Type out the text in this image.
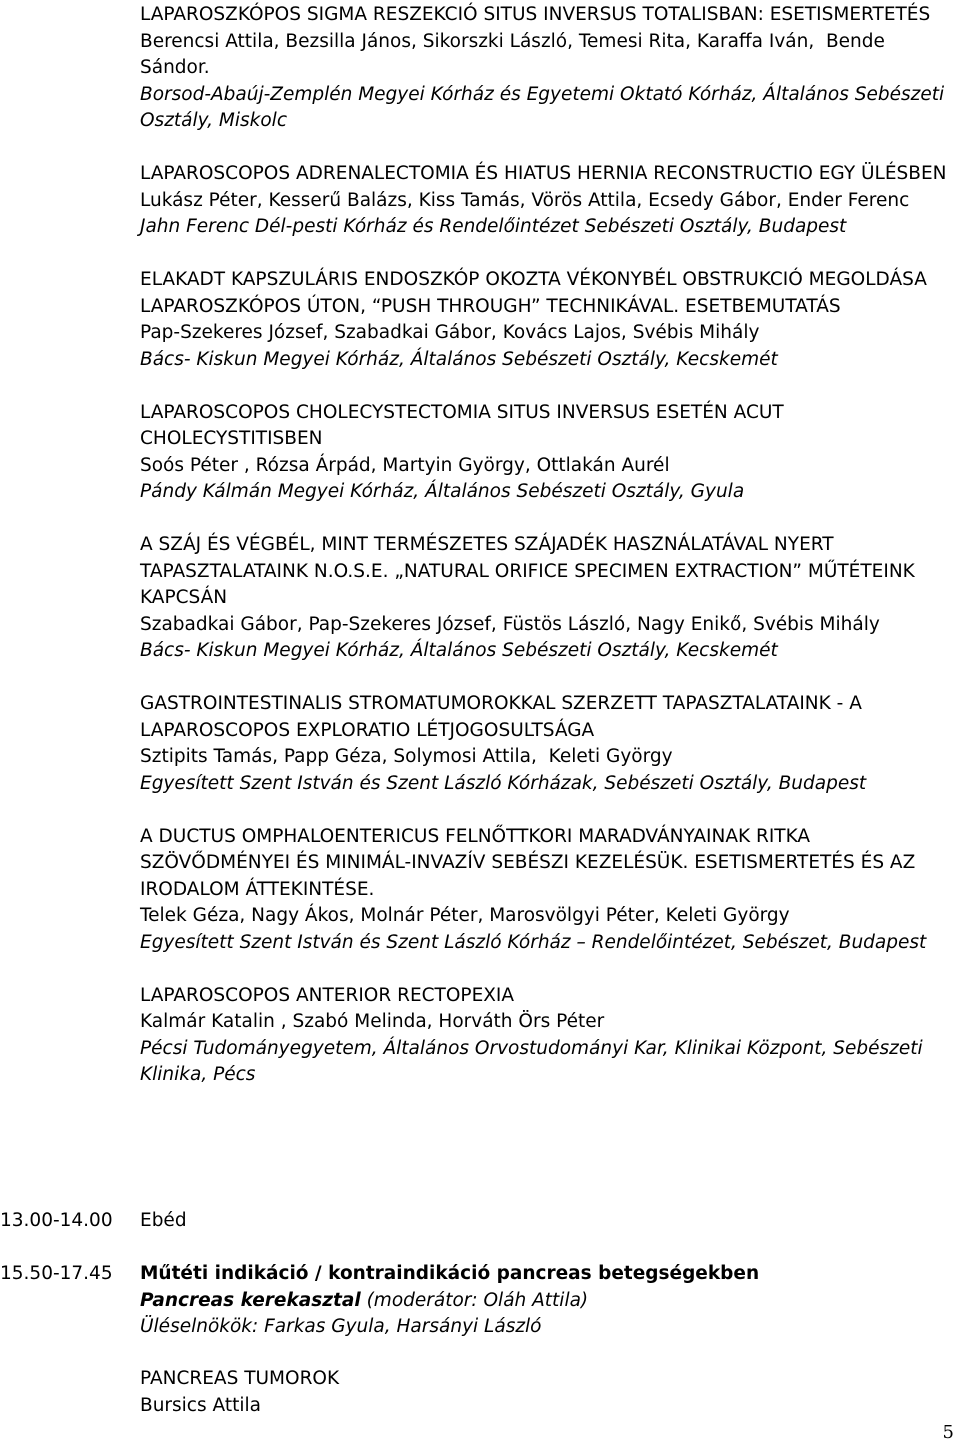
LAPAROSZKÓPOS SIGMA RESZEKCIÓ SITUS INVERSUS TOTALISBAN: ESETISMERTETÉS
Berencsi Attila, Bezsilla János, Sikorszki László, Temesi Rita, Karaffa Iván,  Bende Sándor.
Borsod-Abaúj-Zemplén Megyei Kórház és Egyetemi Oktató Kórház, Általános Sebészeti Osztály, Miskolc
LAPAROSCOPOS ADRENALECTOMIA ÉS HIATUS HERNIA RECONSTRUCTIO EGY ÜLÉSBEN
Lukász Péter, Kesserű Balázs, Kiss Tamás, Vörös Attila, Ecsedy Gábor, Ender Ferenc
Jahn Ferenc Dél-pesti Kórház és Rendelőintézet Sebészeti Osztály, Budapest
ELAKADT KAPSZULÁRIS ENDOSZKÓP OKOZTA VÉKONYBÉL OBSTRUKCIÓ MEGOLDÁSA LAPAROSZKÓPOS ÚTON, “PUSH THROUGH” TECHNIKÁVAL. ESETBEMUTATÁS
Pap-Szekeres József, Szabadkai Gábor, Kovács Lajos, Svébis Mihály
Bács- Kiskun Megyei Kórház, Általános Sebészeti Osztály, Kecskemét
LAPAROSCOPOS CHOLECYSTECTOMIA SITUS INVERSUS ESETÉN ACUT CHOLECYSTITISBEN
Soós Péter , Rózsa Árpád, Martyin György, Ottlakán Aurél
Pándy Kálmán Megyei Kórház, Általános Sebészeti Osztály, Gyula
A SZÁJ ÉS VÉGBÉL, MINT TERMÉSZETES SZÁJADÉK HASZNÁLATÁVAL NYERT TAPASZTALATAINK N.O.S.E. „NATURAL ORIFICE SPECIMEN EXTRACTION” MŰTÉTEINK KAPCSÁN
Szabadkai Gábor, Pap-Szekeres József, Füstös László, Nagy Enikő, Svébis Mihály
Bács- Kiskun Megyei Kórház, Általános Sebészeti Osztály, Kecskemét
GASTROINTESTINALIS STROMATUMOROKKAL SZERZETT TAPASZTALATAINK - A LAPAROSCOPOS EXPLORATIO LÉTJOGOSULTSÁGA
Sztipits Tamás, Papp Géza, Solymosi Attila,  Keleti György
Egyesített Szent István és Szent László Kórházak, Sebészeti Osztály, Budapest
A DUCTUS OMPHALOENTERICUS FELNŐTTKORI MARADVÁNYAINAK RITKA SZÖVŐDMÉNYEI ÉS MINIMÁL-INVAZÍV SEBÉSZI KEZELÉSÜK. ESETISMERTETÉS ÉS AZ IRODALOM ÁTTEKINTÉSE.
Telek Géza, Nagy Ákos, Molnár Péter, Marosvölgyi Péter, Keleti György
Egyesített Szent István és Szent László Kórház – Rendelőintézet, Sebészet, Budapest
LAPAROSCOPOS ANTERIOR RECTOPEXIA
Kalmár Katalin , Szabó Melinda, Horváth Örs Péter
Pécsi Tudományegyetem, Általános Orvostudományi Kar, Klinikai Központ, Sebészeti Klinika, Pécs
13.00-14.00	Ebéd
15.50-17.45	Műtéti indikáció / kontraindikáció pancreas betegségekben
Pancreas kerekasztal (moderátor: Oláh Attila)
Üléselnökök: Farkas Gyula, Harsányi László
PANCREAS TUMOROK
Bursics Attila
5
